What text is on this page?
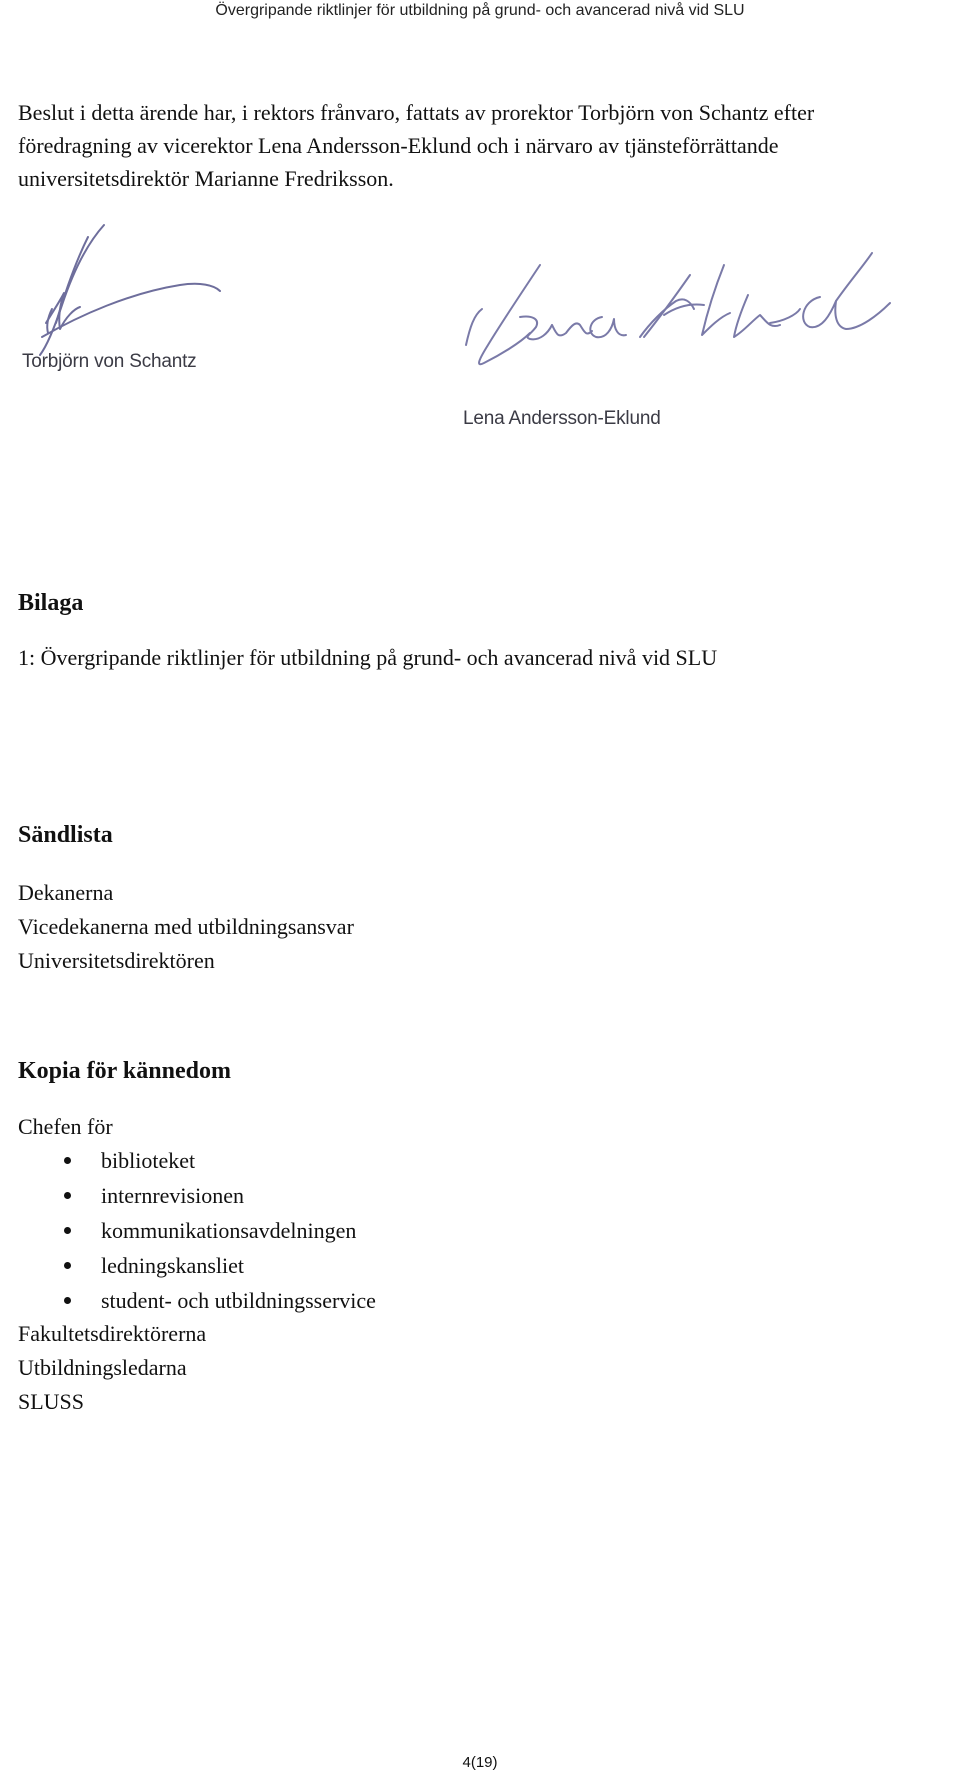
Övergripande riktlinjer för utbildning på grund- och avancerad nivå vid SLU

Beslut i detta ärende har, i rektors frånvaro, fattats av prorektor Torbjörn von Schantz efter föredragning av vicerektor Lena Andersson-Eklund och i närvaro av tjänsteförrättande universitetsdirektör Marianne Fredriksson.

Torbjörn von Schantz
Lena Andersson-Eklund
Bilaga

1: Övergripande riktlinjer för utbildning på grund- och avancerad nivå vid SLU

Sändlista
Dekanerna
Vicedekanerna med utbildningsansvar
Universitetsdirektören
Kopia för kännedom

Chefen för

biblioteket
internrevisionen
kommunikationsavdelningen
ledningskansliet
student- och utbildningsservice
Fakultetsdirektörerna
Utbildningsledarna
SLUSS
4(19)
